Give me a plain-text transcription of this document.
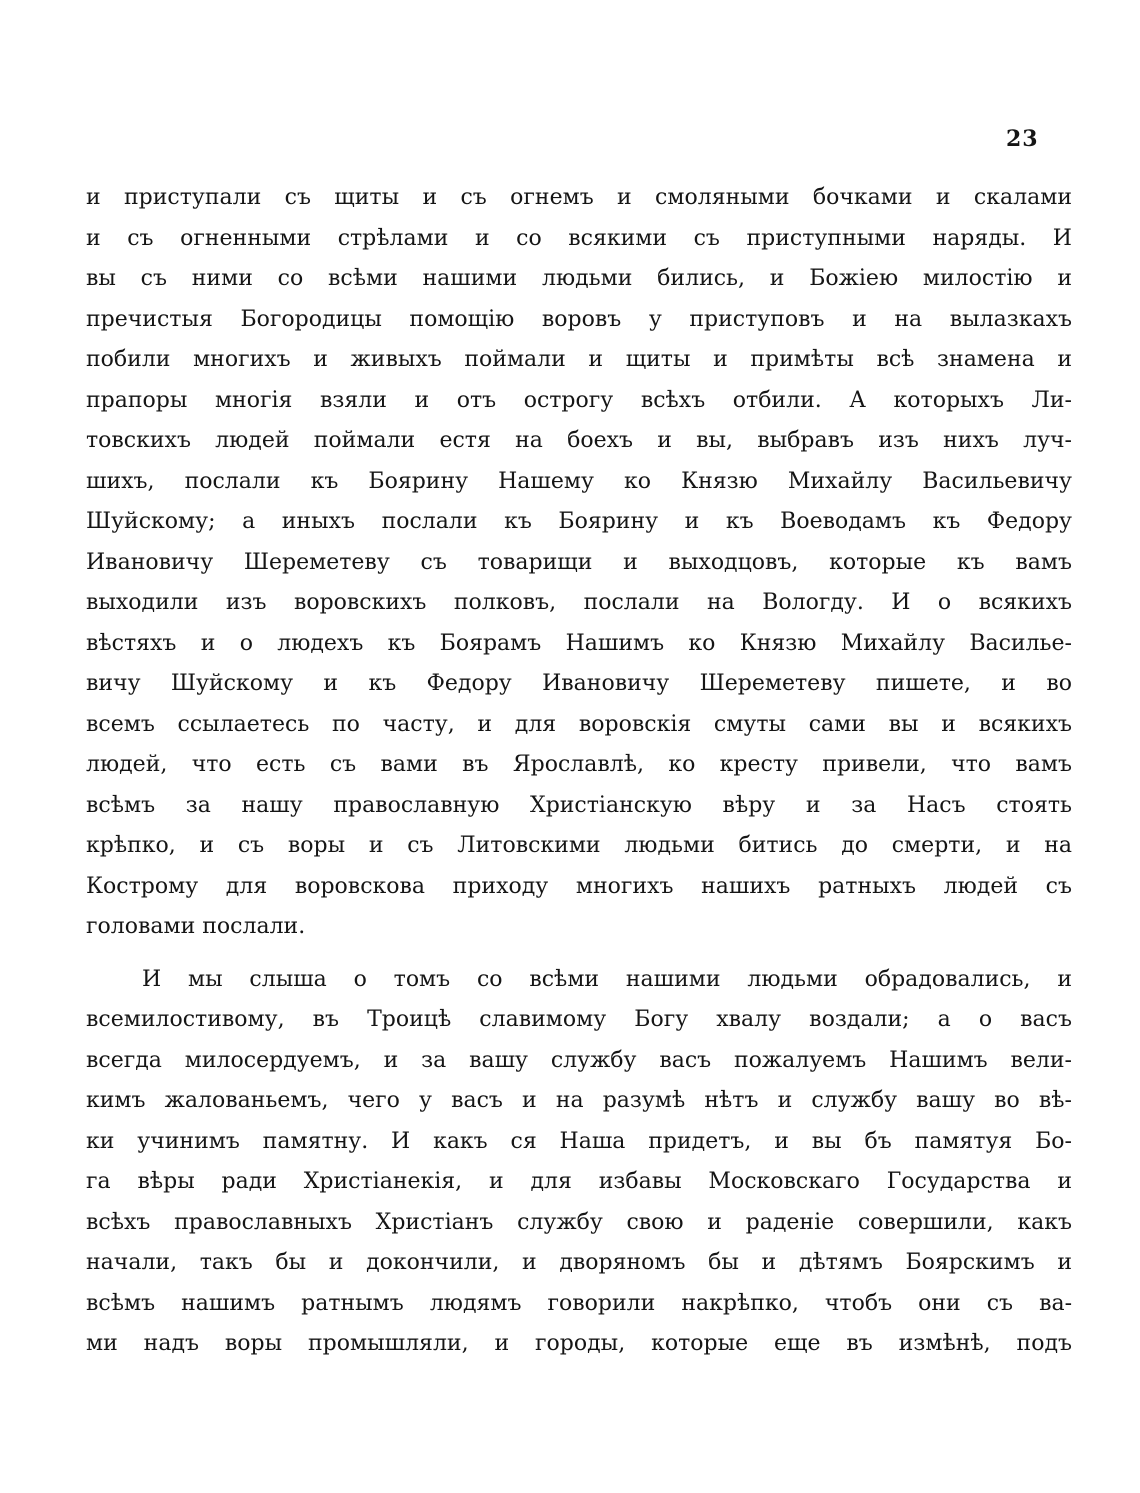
23
и приступали съ щиты и съ огнемъ и смоляными бочками и скалами
и съ огненными стрѣлами и со всякими съ приступными наряды. И
вы съ ними со всѣми нашими людьми бились, и Божіею милостію и
пречистыя Богородицы помощію воровъ у приступовъ и на вылазкахъ
побили многихъ и живыхъ поймали и щиты и примѣты всѣ знамена и
прапоры многія взяли и отъ острогу всѣхъ отбили. А которыхъ Ли-
товскихъ людей поймали естя на боехъ и вы, выбравъ изъ нихъ луч-
шихъ, послали къ Боярину Нашему ко Князю Михайлу Васильевичу
Шуйскому; а иныхъ послали къ Боярину и къ Воеводамъ къ Федору
Ивановичу Шереметеву съ товарищи и выходцовъ, которые къ вамъ
выходили изъ воровскихъ полковъ, послали на Вологду. И о всякихъ
вѣстяхъ и о людехъ къ Боярамъ Нашимъ ко Князю Михайлу Василье-
вичу Шуйскому и къ Федору Ивановичу Шереметеву пишете, и во
всемъ ссылаетесь по часту, и для воровскія смуты сами вы и всякихъ
людей, что есть съ вами въ Ярославлѣ, ко кресту привели, что вамъ
всѣмъ за нашу православную Христіанскую вѣру и за Насъ стоять
крѣпко, и съ воры и съ Литовскими людьми битись до смерти, и на
Кострому для воровскова приходу многихъ нашихъ ратныхъ людей съ
головами послали.
И мы слыша о томъ со всѣми нашими людьми обрадовались, и
всемилостивому, въ Троицѣ славимому Богу хвалу воздали; а о васъ
всегда милосердуемъ, и за вашу службу васъ пожалуемъ Нашимъ вели-
кимъ жалованьемъ, чего у васъ и на разумѣ нѣтъ и службу вашу во вѣ-
ки учинимъ памятну. И какъ ся Наша придетъ, и вы бъ памятуя Бо-
га вѣры ради Христіанекія, и для избавы Московскаго Государства и
всѣхъ православныхъ Христіанъ службу свою и раденіе совершили, какъ
начали, такъ бы и докончили, и дворяномъ бы и дѣтямъ Боярскимъ и
всѣмъ нашимъ ратнымъ людямъ говорили накрѣпко, чтобъ они съ ва-
ми надъ воры промышляли, и городы, которые еще въ измѣнѣ, подъ
